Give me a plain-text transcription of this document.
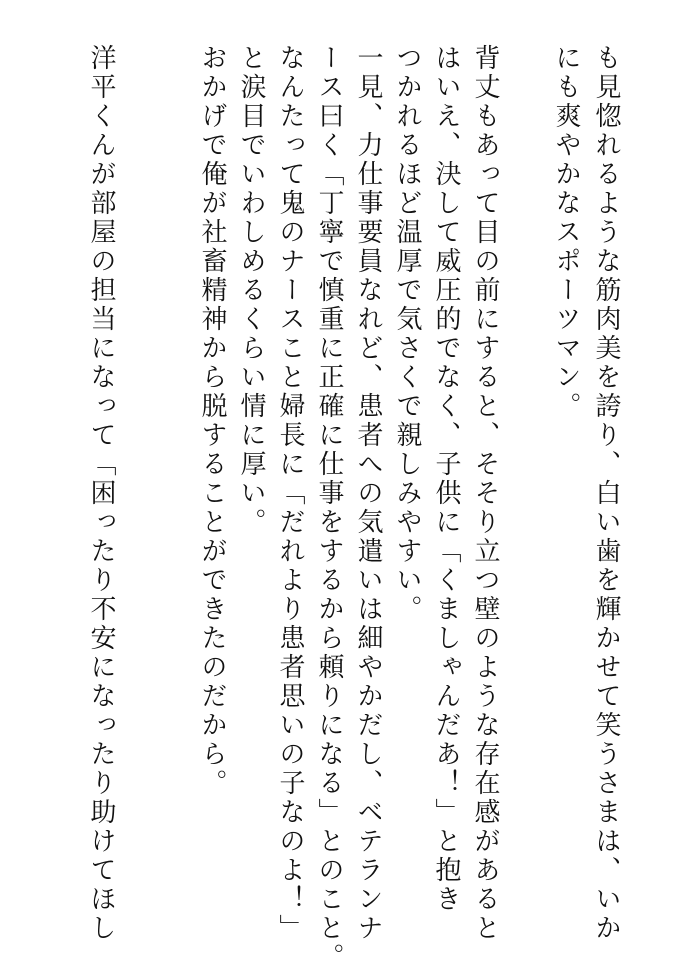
も見惚れるような筋肉美を誇り、白い歯を輝かせて笑うさまは、いか
にも爽やかなスポーツマン。
背丈もあって目の前にすると、そそり立つ壁のような存在感があると
はいえ、決して威圧的でなく、子供に「くましゃんだあ！」と抱き
つかれるほど温厚で気さくで親しみやすい。
一見、力仕事要員なれど、患者への気遣いは細やかだし、ベテランナ
ース曰く「丁寧で慎重に正確に仕事をするから頼りになる」とのこと。
なんたって鬼のナースこと婦長に「だれより患者思いの子なのよ！」
と涙目でいわしめるくらい情に厚い。
おかげで俺が社畜精神から脱することができたのだから。
洋平くんが部屋の担当になって「困ったり不安になったり助けてほし
